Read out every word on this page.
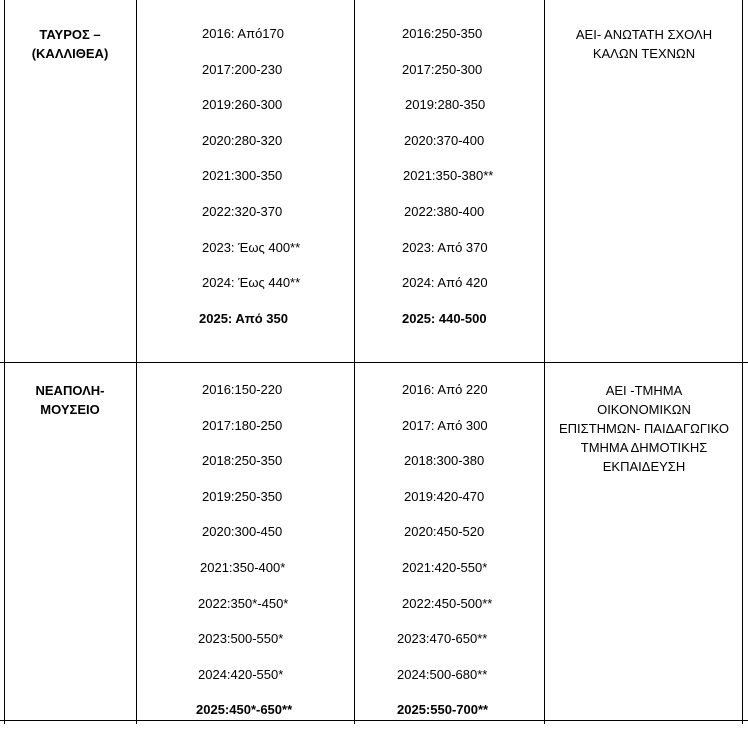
ΤΑΥΡΟΣ –
(ΚΑΛΛΙΘΕΑ)
2016: Από170
2017:200-230
2019:260-300
2020:280-320
2021:300-350
2022:320-370
2023: Έως 400**
2024: Έως 440**
2025: Από 350
2016:250-350
2017:250-300
2019:280-350
2020:370-400
2021:350-380**
2022:380-400
2023: Από 370
2024: Από 420
2025: 440-500
ΑΕΙ- ΑΝΩΤΑΤΗ ΣΧΟΛΗ
ΚΑΛΩΝ ΤΕΧΝΩΝ
ΝΕΑΠΟΛΗ-
ΜΟΥΣΕΙΟ
2016:150-220
2017:180-250
2018:250-350
2019:250-350
2020:300-450
2021:350-400*
2022:350*-450*
2023:500-550*
2024:420-550*
2025:450*-650**
2016: Από 220
2017: Από 300
2018:300-380
2019:420-470
2020:450-520
2021:420-550*
2022:450-500**
2023:470-650**
2024:500-680**
2025:550-700**
ΑΕΙ -ΤΜΗΜΑ
ΟΙΚΟΝΟΜΙΚΩΝ
ΕΠΙΣΤΗΜΩΝ- ΠΑΙΔΑΓΩΓΙΚΟ
ΤΜΗΜΑ ΔΗΜΟΤΙΚΗΣ
ΕΚΠΑΙΔΕΥΣΗ
